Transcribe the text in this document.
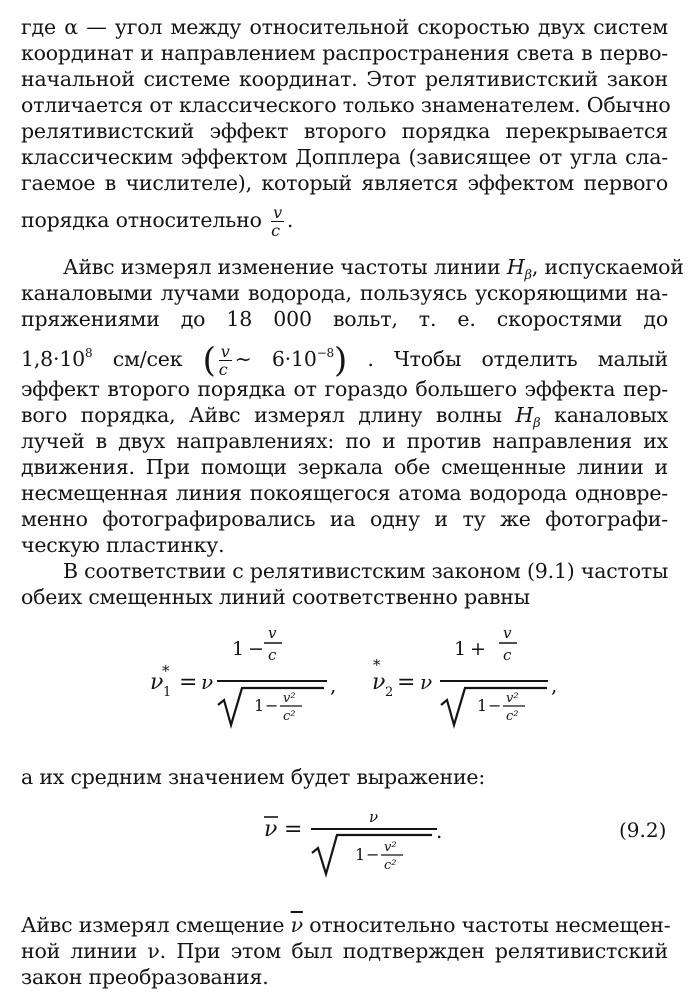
где α — угол между относительной скоростью двух систем
координат и направлением распространения света в перво-
начальной системе координат. Этот релятивистский закон
отличается от классического только знаменателем. Обычно
релятивистский эффект второго порядка перекрывается
классическим эффектом Допплера (зависящее от угла сла-
гаемое в числителе), который является эффектом первого
порядка относительно $\frac{v}{c}$ .
Айвс измерял изменение частоты линии $H_\beta$, испускаемой
каналовыми лучами водорода, пользуясь ускоряющими на-
пряжениями до 18 000 вольт, т. е. скоростями до
$1,8\cdot 10^8$ см/сек ( $\frac{v}{c}$ ∼ $6\cdot 10^{-8}$) . Чтобы отделить малый
эффект второго порядка от гораздо большего эффекта пер-
вого порядка, Айвс измерял длину волны $H_\beta$ каналовых
лучей в двух направлениях: по и против направления их
движения. При помощи зеркала обе смещенные линии и
несмещенная линия покоящегося атома водорода одновре-
менно фотографировались иа одну и ту же фотографи-
ческую пластинку.
В соответствии с релятивистским законом (9.1) частоты
обеих смещенных линий соответственно равны
ν 1
* = ν
1 −
v
c
1 − v²
c²
, ν 2
*
= ν
1 +
v
c
1 − v²
c²
,
ν =	ν
1 − v²
c²
.	(9.2)
а их средним значением будет выражение:
Айвс измерял смещение $\overline{\nu}$ относительно частоты несмещен-
ной линии ν. При этом был подтвержден релятивистский
закон преобразования.
